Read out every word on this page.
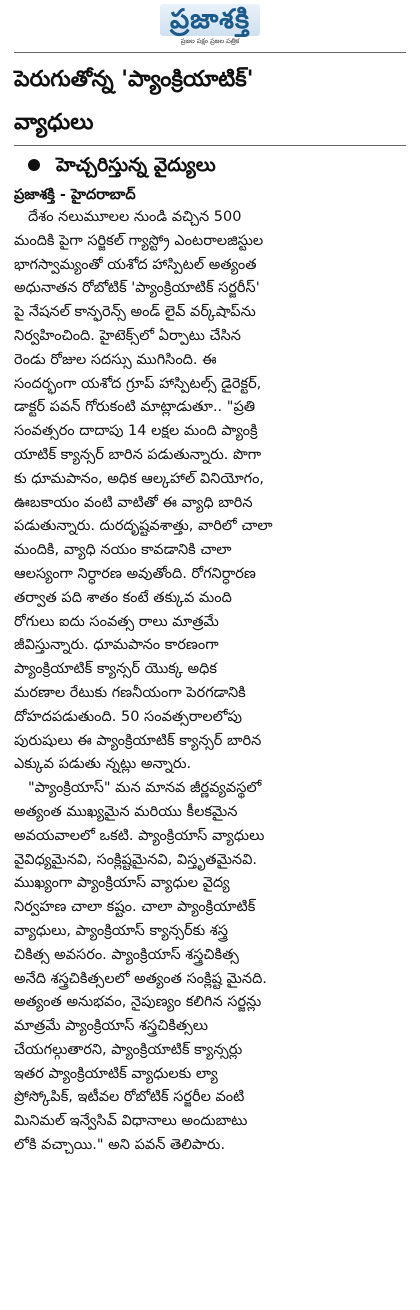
ప్రజాశక్తి
ప్రజల పక్షం ప్రజల పత్రిక
పెరుగుతోన్న 'ప్యాంక్రియాటిక్'
వ్యాధులు
హెచ్చరిస్తున్న వైద్యులు
ప్రజాశక్తి - హైదరాబాద్
దేశం నలుమూలల నుండి వచ్చిన 500
మందికి పైగా సర్జికల్ గ్యాస్ట్రో ఎంటరాలజిస్టుల
భాగస్వామ్యంతో యశోద హాస్పిటల్ అత్యంత
అధునాతన రోబోటిక్ 'ప్యాంక్రియాటిక్ సర్జరీస్'
పై నేషనల్ కాన్ఫరెన్స్ అండ్ లైవ్ వర్క్‌షాప్‌ను
నిర్వహించింది. హైటెక్స్‌లో ఏర్పాటు చేసిన
రెండు రోజుల సదస్సు ముగిసింది. ఈ
సందర్భంగా యశోద గ్రూప్ హాస్పిటల్స్ డైరెక్టర్,
డాక్టర్ పవన్ గోరుకంటి మాట్లాడుతూ.. "ప్రతి
సంవత్సరం దాదాపు 14 లక్షల మంది ప్యాంక్రి
యాటిక్ క్యాన్సర్ బారిన పడుతున్నారు. పొగా
కు ధూమపానం, అధిక ఆల్కహాల్ వినియోగం,
ఊబకాయం వంటి వాటితో ఈ వ్యాధి బారిన
పడుతున్నారు. దురదృష్టవశాత్తు, వారిలో చాలా
మందికి, వ్యాధి నయం కావడానికి చాలా
ఆలస్యంగా నిర్ధారణ అవుతోంది. రోగనిర్ధారణ
తర్వాత పది శాతం కంటే తక్కువ మంది
రోగులు ఐదు సంవత్స రాలు మాత్రమే
జీవిస్తున్నారు. ధూమపానం కారణంగా
ప్యాంక్రియాటిక్ క్యాన్సర్ యొక్క అధిక
మరణాల రేటుకు గణనీయంగా పెరగడానికి
దోహదపడుతుంది. 50 సంవత్సరాలలోపు
పురుషులు ఈ ప్యాంక్రియాటిక్ క్యాన్సర్ బారిన
ఎక్కువ పడుతు న్నట్లు అన్నారు.
"ప్యాంక్రియాస్" మన మానవ జీర్ణవ్యవస్థలో
అత్యంత ముఖ్యమైన మరియు కీలకమైన
అవయవాలలో ఒకటి. ప్యాంక్రియాస్ వ్యాధులు
వైవిధ్యమైనవి, సంక్లిష్టమైనవి, విస్తృతమైనవి.
ముఖ్యంగా ప్యాంక్రియాస్ వ్యాధుల వైద్య
నిర్వహణ చాలా కష్టం. చాలా ప్యాంక్రియాటిక్
వ్యాధులు, ప్యాంక్రియాస్ క్యాన్సర్‌కు శస్త్ర
చికిత్స అవసరం. ప్యాంక్రియాస్ శస్త్రచికిత్స
అనేది శస్త్రచికిత్సలలో అత్యంత సంక్లిష్ట మైనది.
అత్యంత అనుభవం, నైపుణ్యం కలిగిన సర్జన్లు
మాత్రమే ప్యాంక్రియాస్ శస్త్రచికిత్సలు
చేయగల్గుతారని, ప్యాంక్రియాటిక్ క్యాన్సర్లు
ఇతర ప్యాంక్రియాటిక్ వ్యాధులకు ల్యా
ప్రోస్కోపిక్, ఇటీవల రోబోటిక్ సర్జరీల వంటి
మినిమల్ ఇన్వేసివ్ విధానాలు అందుబాటు
లోకి వచ్చాయి." అని పవన్ తెలిపారు.
